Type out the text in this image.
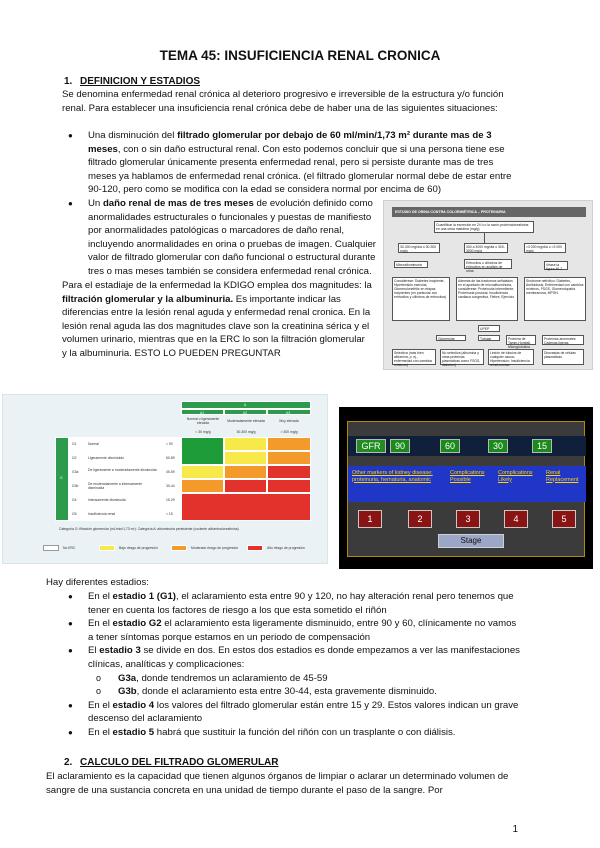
TEMA 45: INSUFICIENCIA RENAL CRONICA
1. DEFINICION Y ESTADIOS
Se denomina enfermedad renal crónica al deterioro progresivo e irreversible de la estructura y/o función renal. Para establecer una insuficiencia renal crónica debe de haber una de las siguientes situaciones:
● Una disminución del filtrado glomerular por debajo de 60 ml/min/1,73 m² durante mas de 3 meses, con o sin daño estructural renal. Con esto podemos concluir que si una persona tiene ese filtrado glomerular únicamente presenta enfermedad renal, pero si persiste durante mas de tres meses ya hablamos de enfermedad renal crónica. (el filtrado glomerular normal debe de estar entre 90-120, pero como se modifica con la edad se considera normal por encima de 60)
● Un daño renal de mas de tres meses de evolución definido como anormalidades estructurales o funcionales y puestas de manifiesto por anormalidades patológicas o marcadores de daño renal, incluyendo anormalidades en orina o pruebas de imagen. Cualquier valor de filtrado glomerular con daño funcional o estructural durante tres o mas meses también se considera enfermedad renal crónica.
Para el estadiaje de la enfermedad la KDIGO emplea dos magnitudes: la filtración glomerular y la albuminuria. Es importante indicar las diferencias entre la lesión renal aguda y enfermedad renal cronica. En la lesión renal aguda las dos magnitudes clave son la creatinina sérica y el volumen urinario, mientras que en la ERC lo son la filtración glomerular y la albuminuria. ESTO LO PUEDEN PREGUNTAR
ESTUDIO DE ORINA CONTRA COLORIMÉTRICA – PROTEINURIA
Cuantificar la excreción en 24 h o la razón proteína/creatinina en una orina matutina (mg/g)
30-300 mg/día o 30-300 mg/g
300 a 3000 mg/día o 300-3000 mg/g
>3 000 mg/día o >3 000 mg/g
Microalbuminuria	Eritrocitos o cilindros de eritrocitos en análisis de orina
Véase la figura 46-2
Considérese: Diabetes incipiente, Hipertensión esencial, Glomerulonefritis en etapas incipientes (en particular con eritrocitos y cilindros de eritrocitos)
Además de las trastornos señalados en el apartado de microalbuminuria, considérese: Proteinuria intermitente, Proteinuria postural, Insuficiencia cardiaca congestiva, Fiebre, Ejercicio
Síndrome nefrótico: Diabetes, Amiloidosis, Enfermedad con cambios mínimos, FSGS, Glomerulopatía membranosa, MPGN
UPEP
Glomerular	Tubular	Proteína de Tamm-Horsfall, Microglobulina
Proteínas anormales: Cadenas ligeras
Selectiva (más bien albúmina, p. ej., enfermedad con cambios mínimos)
No selectiva (albúmina y otras proteínas plasmáticas como FSGS, diabetes)
Lesión de túbulos de cualquier causa; Hipertensión; Insuficiencia renal crónica
Discrasias de células plasmáticas
A
A1	A2	A3
Normal o ligeramente elevada	Moderadamente elevada	Muy elevada
< 30 mg/g	30-300 mg/g	> 300 mg/g
G
G1	Normal	> 90
G2	Ligeramente disminuido	60-89
G3a	De ligeramente a moderadamente disminuida	45-59
G3b	De moderadamente a intensamente disminuida	30-44
G4	Intensamente disminuida	15-29
G5	Insuficiencia renal	< 15
Categoría G: filtración glomerular (mL/min/1,73 m²). Categoría A: albuminuria persistente (cociente albúmina/creatinina)
No ERC	Bajo riesgo de progresión	Moderado riesgo de progresión	Alto riesgo de progresión
GFR	90	60	30	15
Other markers of kidney disease: proteinuria, hematuria, anatomic
Complications Possible
Complications Likely
Renal Replacement
1	2	3	4	5
Stage
Hay diferentes estadios:
● En el estadio 1 (G1), el aclaramiento esta entre 90 y 120, no hay alteración renal pero tenemos que tener en cuenta los factores de riesgo a los que esta sometido el riñón
● En el estadio G2 el aclaramiento esta ligeramente disminuido, entre 90 y 60, clínicamente no vamos a tener síntomas porque estamos en un periodo de compensación
● El estadio 3 se divide en dos. En estos dos estadios es donde empezamos a ver las manifestaciones clínicas, analíticas y complicaciones:
o G3a, donde tendremos un aclaramiento de 45-59
o G3b, donde el aclaramiento esta entre 30-44, esta gravemente disminuido.
● En el estadio 4 los valores del filtrado glomerular están entre 15 y 29. Estos valores indican un grave descenso del aclaramiento
● En el estadio 5 habrá que sustituir la función del riñón con un trasplante o con diálisis.
2. CALCULO DEL FILTRADO GLOMERULAR
El aclaramiento es la capacidad que tienen algunos órganos de limpiar o aclarar un determinado volumen de sangre de una sustancia concreta en una unidad de tiempo durante el paso de la sangre. Por
1
